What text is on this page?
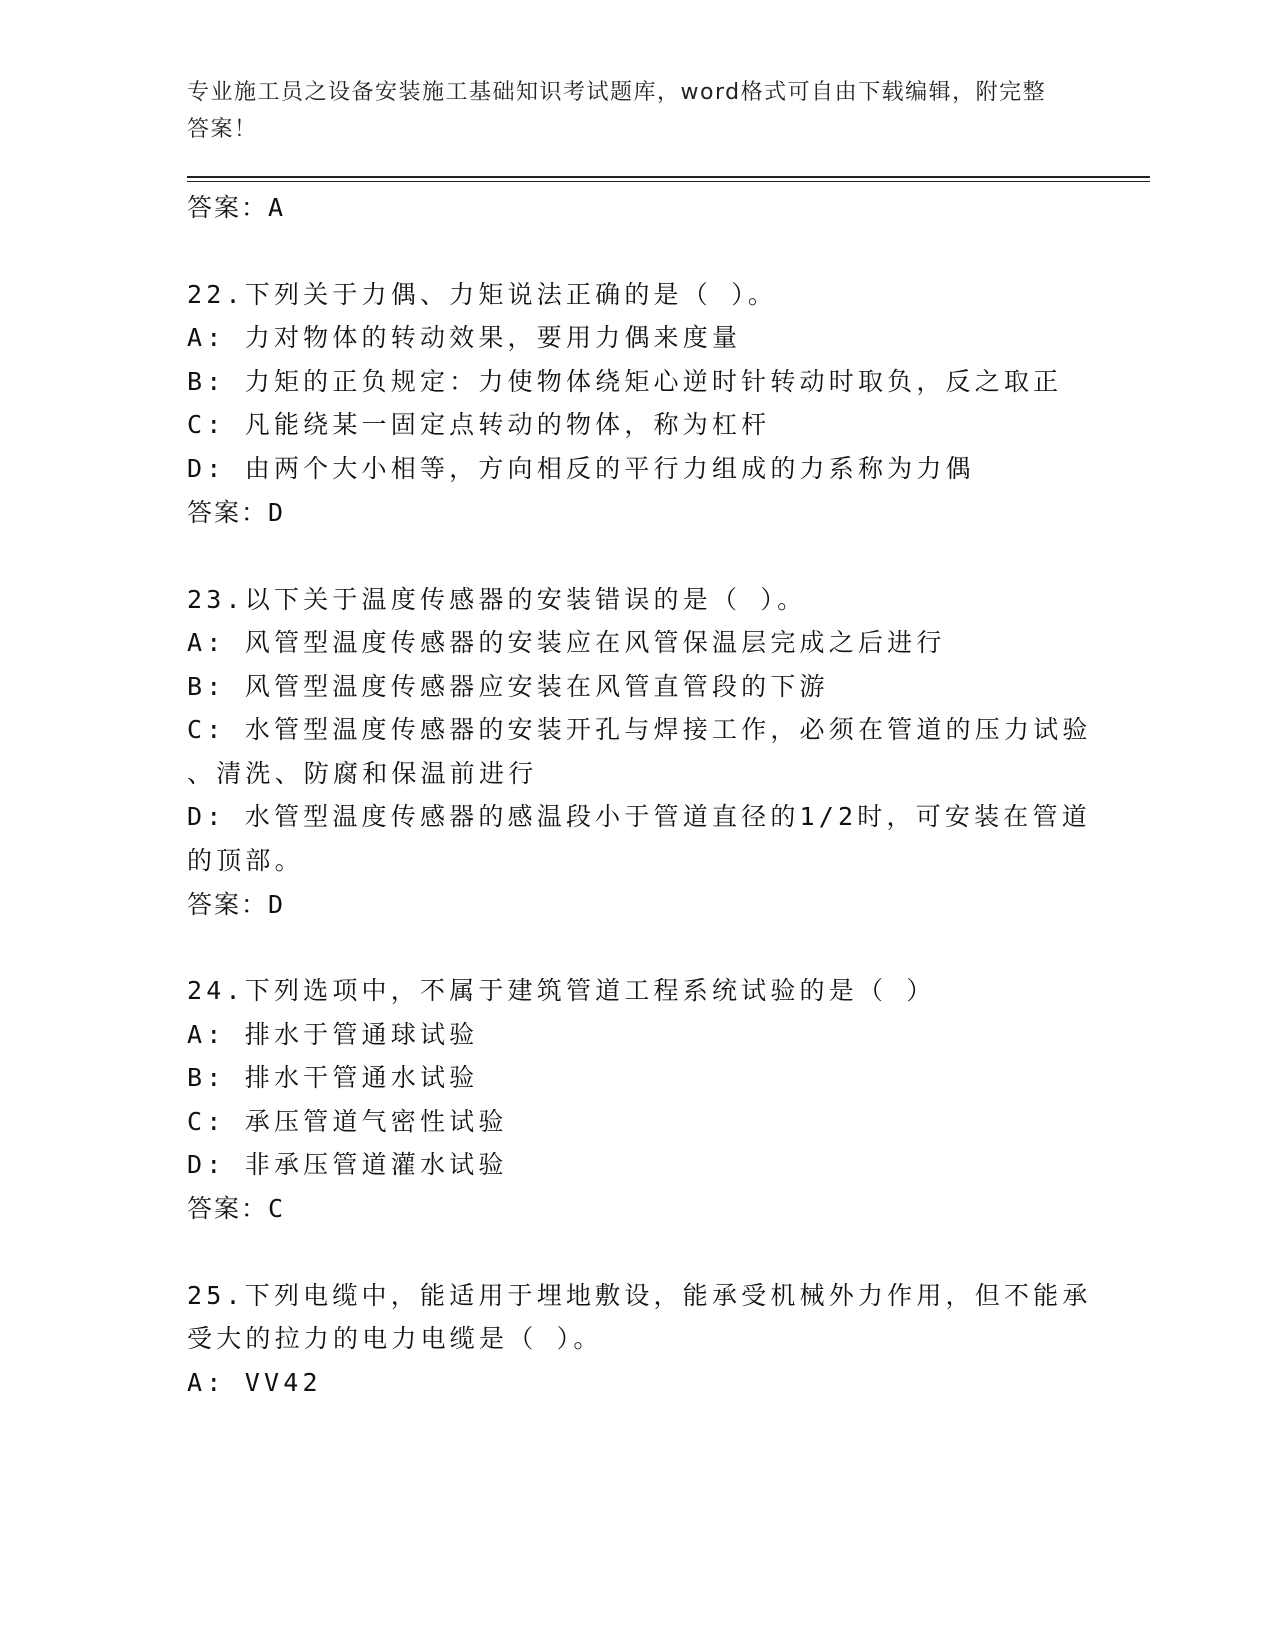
专业施工员之设备安装施工基础知识考试题库，word格式可自由下载编辑，附完整答案！
答案：A
22.下列关于力偶、力矩说法正确的是（ ）。
A: 力对物体的转动效果，要用力偶来度量
B: 力矩的正负规定：力使物体绕矩心逆时针转动时取负，反之取正
C: 凡能绕某一固定点转动的物体，称为杠杆
D: 由两个大小相等，方向相反的平行力组成的力系称为力偶
答案：D
23.以下关于温度传感器的安装错误的是（ ）。
A: 风管型温度传感器的安装应在风管保温层完成之后进行
B: 风管型温度传感器应安装在风管直管段的下游
C: 水管型温度传感器的安装开孔与焊接工作，必须在管道的压力试验
、清洗、防腐和保温前进行
D: 水管型温度传感器的感温段小于管道直径的1/2时，可安装在管道
的顶部。
答案：D
24.下列选项中，不属于建筑管道工程系统试验的是（ ）
A: 排水于管通球试验
B: 排水干管通水试验
C: 承压管道气密性试验
D: 非承压管道灌水试验
答案：C
25.下列电缆中，能适用于埋地敷设，能承受机械外力作用，但不能承
受大的拉力的电力电缆是（ ）。
A: VV42
